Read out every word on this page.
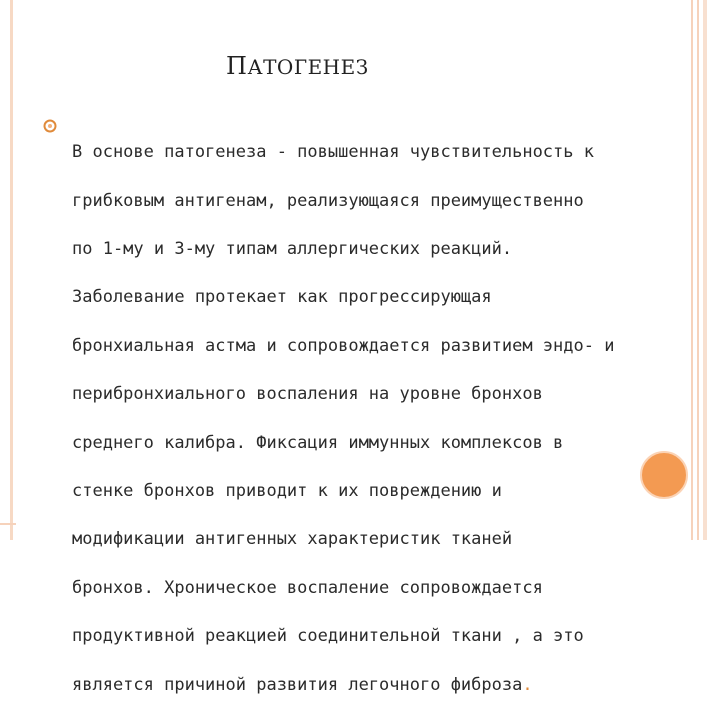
ПАТОГЕНЕЗ

В основе патогенеза - повышенная чувствительность к

грибковым антигенам, реализующаяся преимущественно

по 1-му и 3-му типам аллергических реакций.

Заболевание протекает как прогрессирующая

бронхиальная астма и сопровождается развитием эндо- и

перибронхиального воспаления на уровне бронхов

среднего калибра. Фиксация иммунных комплексов в

стенке бронхов приводит к их повреждению и

модификации антигенных характеристик тканей

бронхов. Хроническое воспаление сопровождается

продуктивной реакцией соединительной ткани , а это

является причиной развития легочного фиброза.
